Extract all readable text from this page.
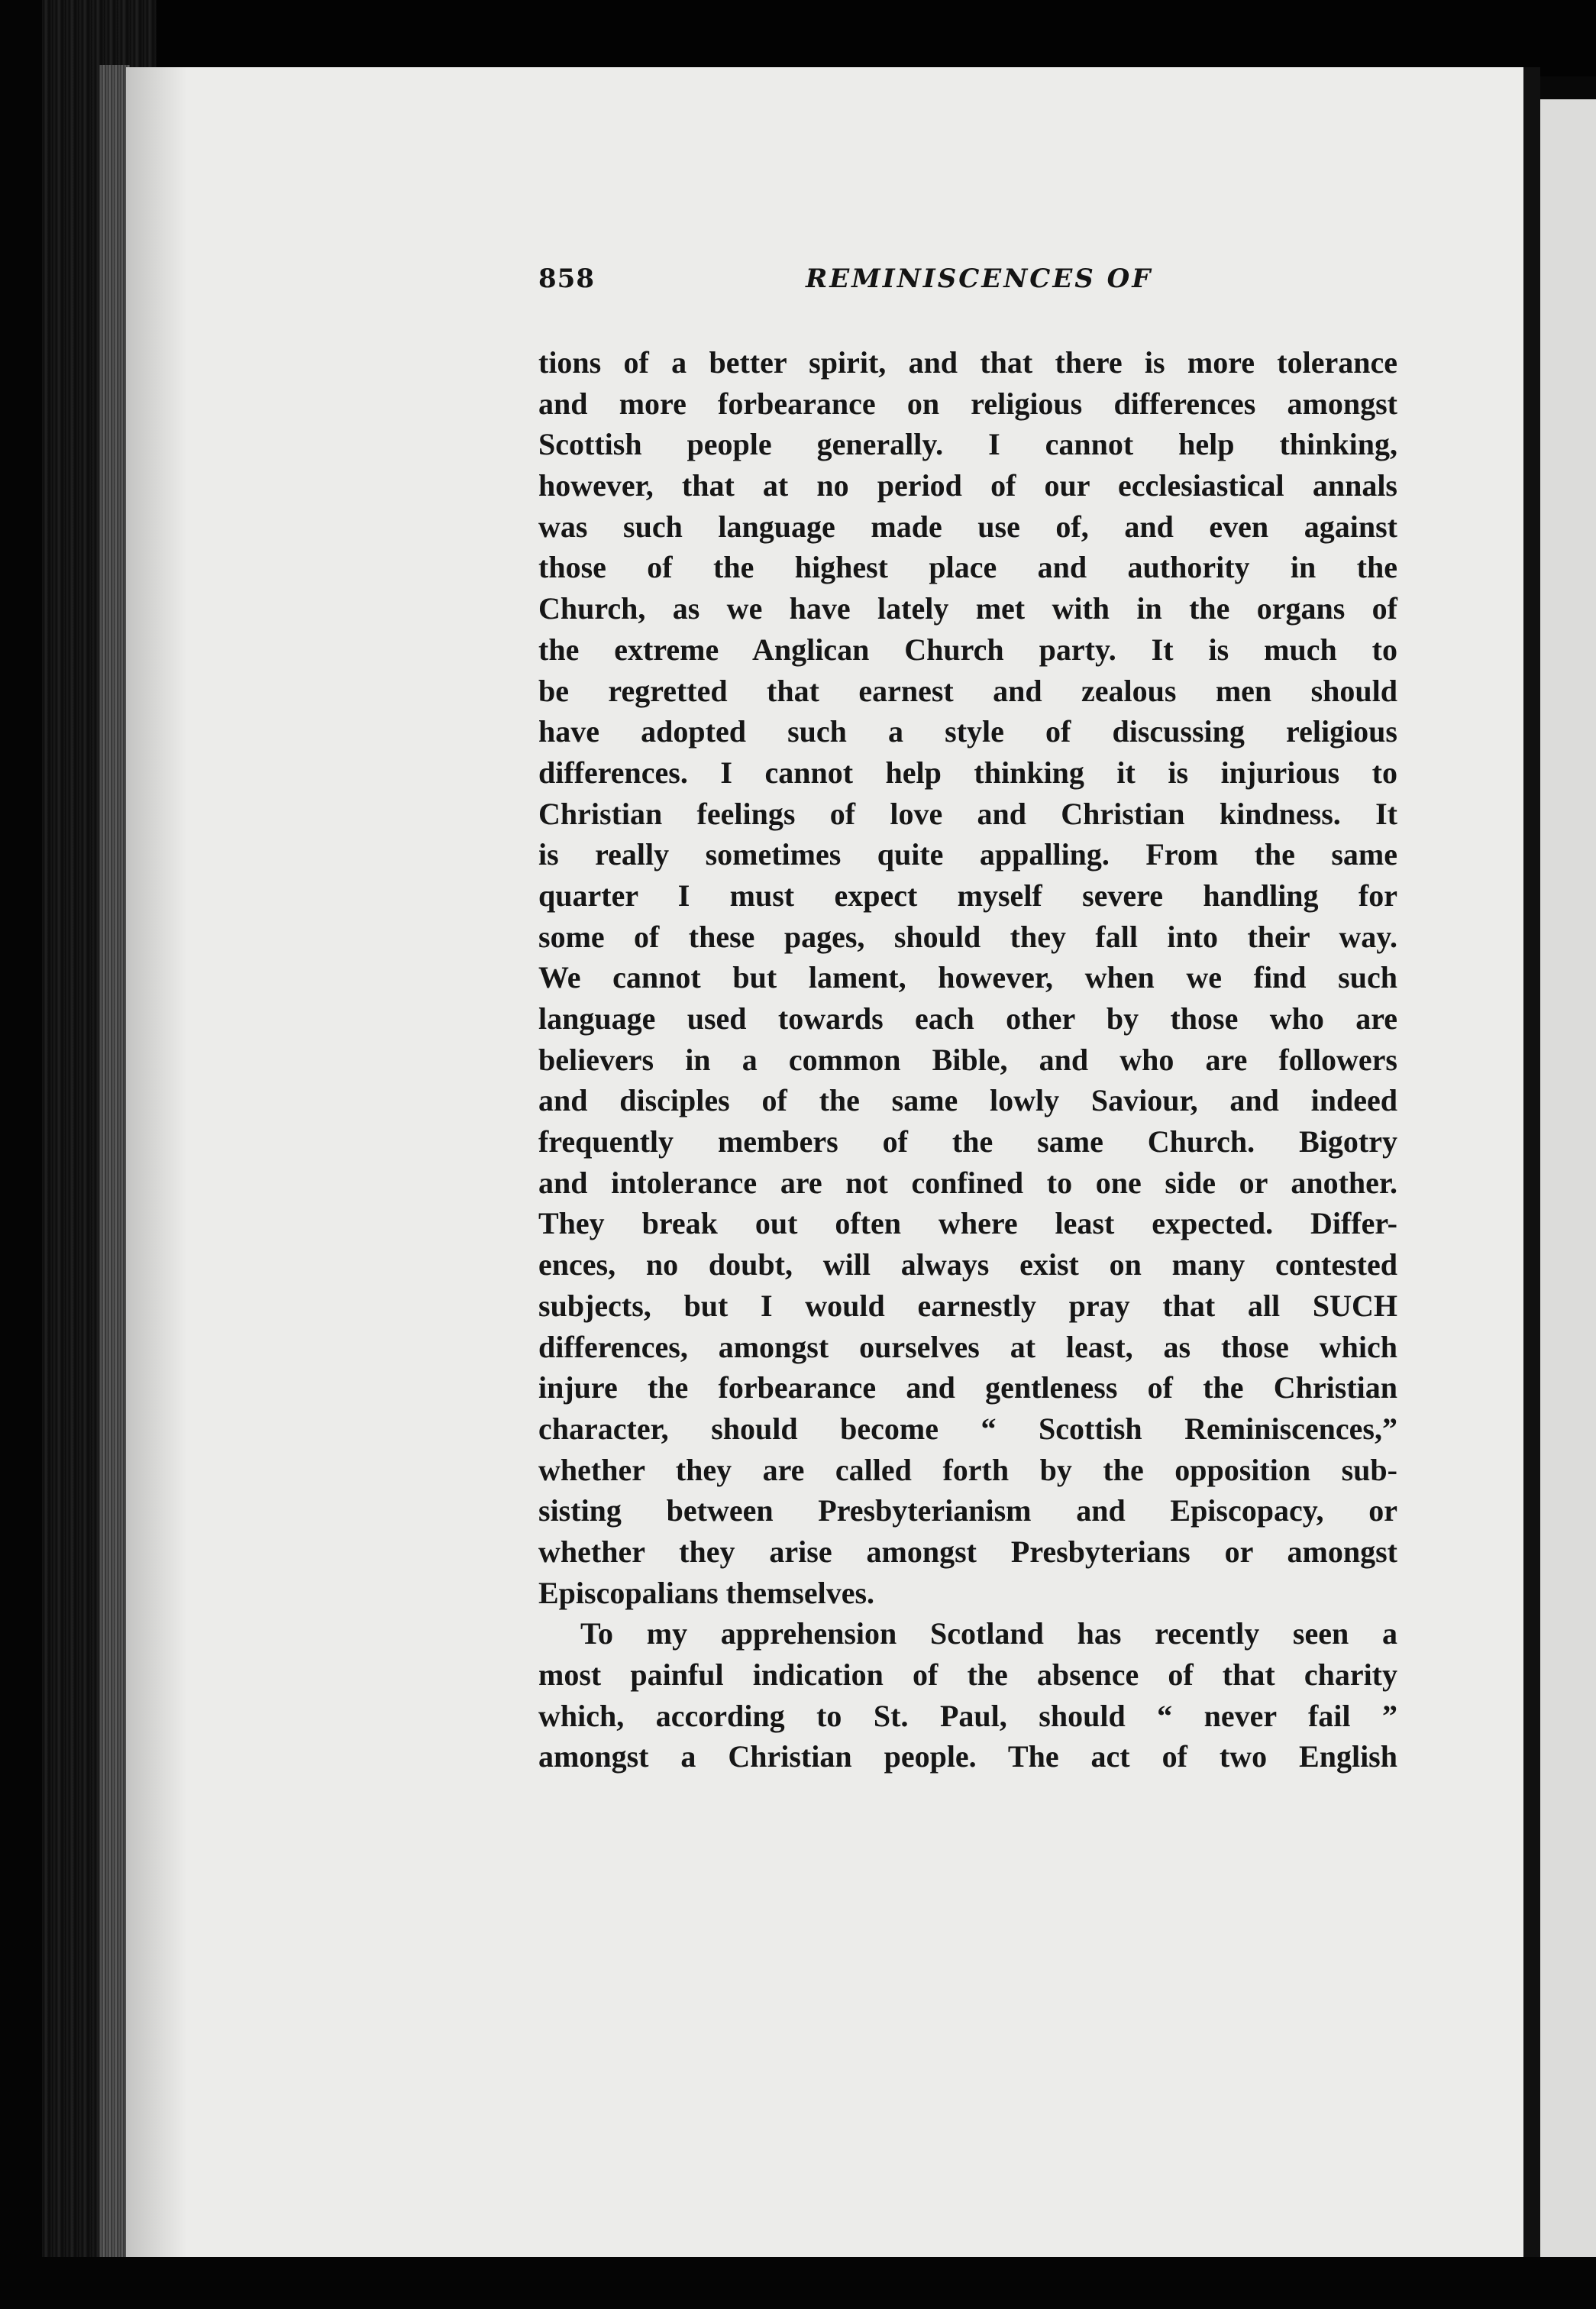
858	REMINISCENCES OF
tions of a better spirit, and that there is more tolerance
and more forbearance on religious differences amongst
Scottish people generally. I cannot help thinking,
however, that at no period of our ecclesiastical annals
was such language made use of, and even against
those of the highest place and authority in the
Church, as we have lately met with in the organs of
the extreme Anglican Church party. It is much to
be regretted that earnest and zealous men should
have adopted such a style of discussing religious
differences. I cannot help thinking it is injurious to
Christian feelings of love and Christian kindness. It
is really sometimes quite appalling. From the same
quarter I must expect myself severe handling for
some of these pages, should they fall into their way.
We cannot but lament, however, when we find such
language used towards each other by those who are
believers in a common Bible, and who are followers
and disciples of the same lowly Saviour, and indeed
frequently members of the same Church. Bigotry
and intolerance are not confined to one side or another.
They break out often where least expected. Differ-
ences, no doubt, will always exist on many contested
subjects, but I would earnestly pray that all SUCH
differences, amongst ourselves at least, as those which
injure the forbearance and gentleness of the Christian
character, should become “ Scottish Reminiscences,”
whether they are called forth by the opposition sub-
sisting between Presbyterianism and Episcopacy, or
whether they arise amongst Presbyterians or amongst
Episcopalians themselves.
To my apprehension Scotland has recently seen a
most painful indication of the absence of that charity
which, according to St. Paul, should “ never fail ”
amongst a Christian people. The act of two English
